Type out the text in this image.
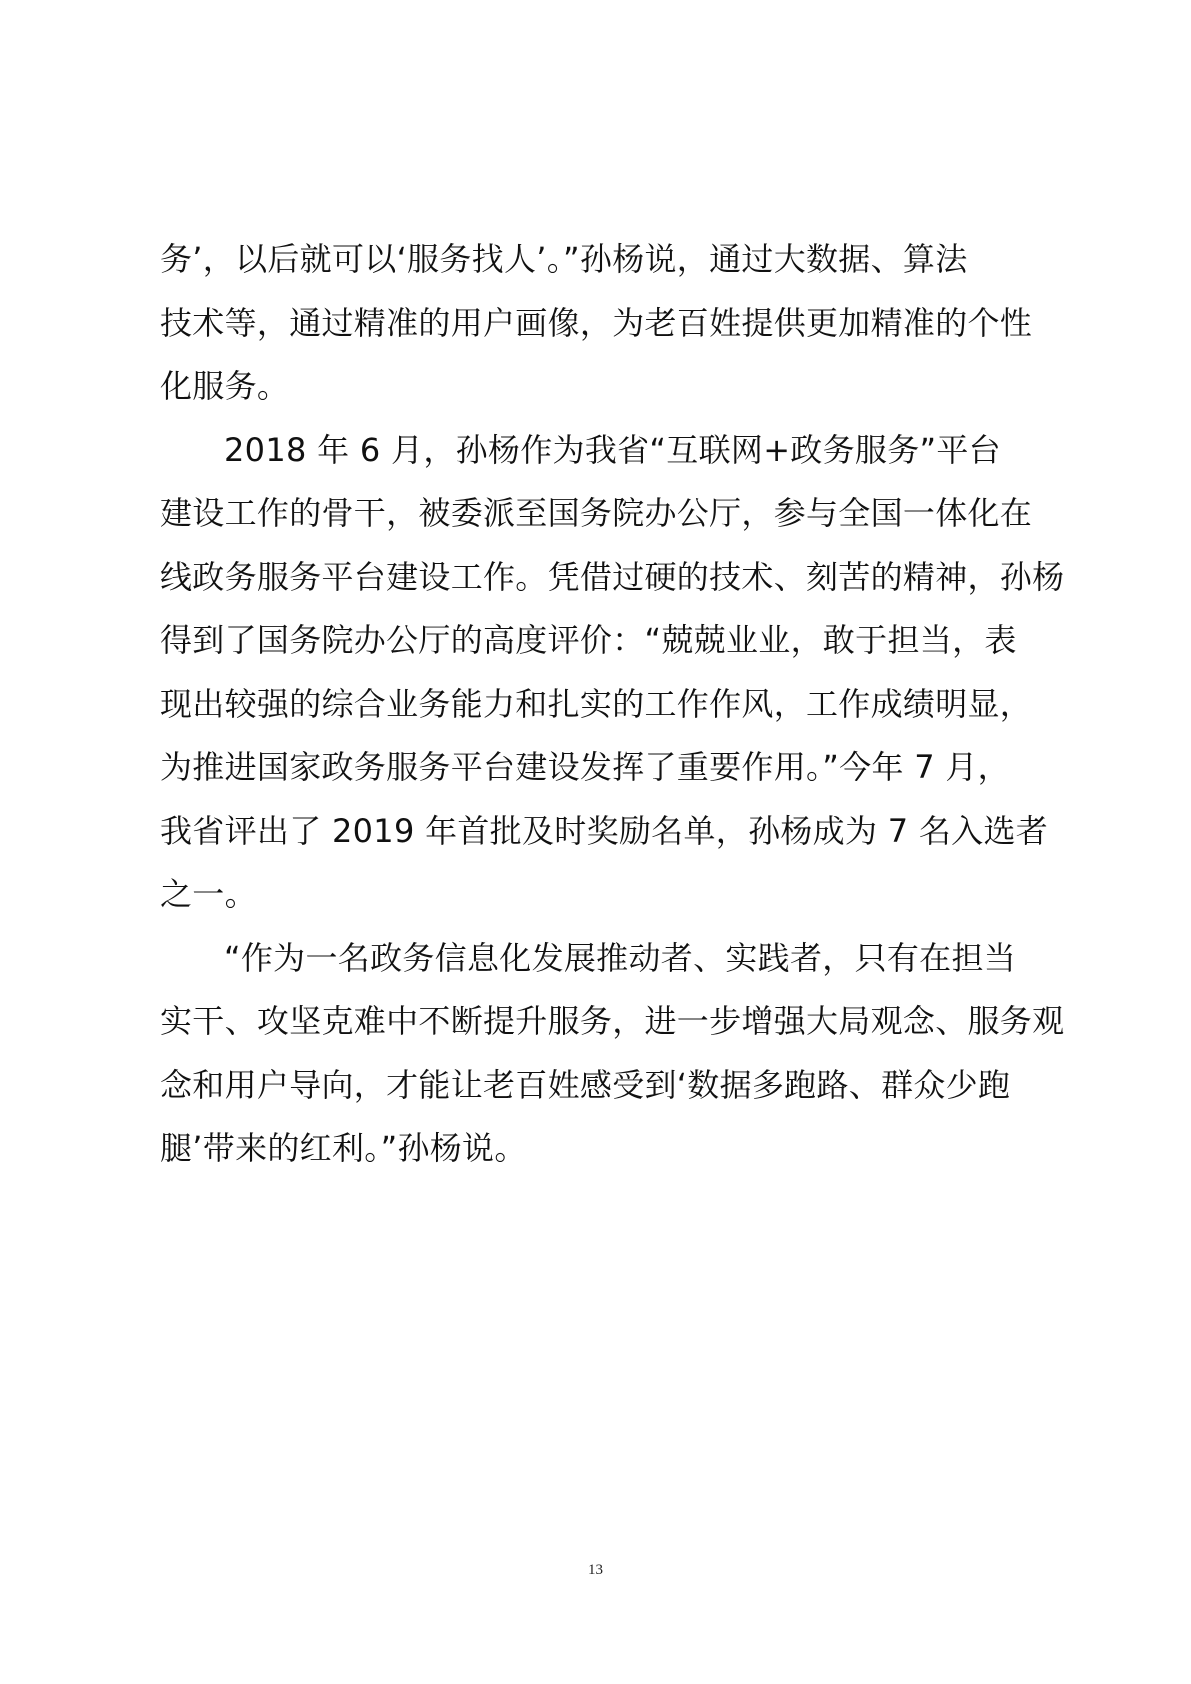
务’，以后就可以‘服务找人’。”孙杨说，通过大数据、算法
技术等，通过精准的用户画像，为老百姓提供更加精准的个性
化服务。
2018 年 6 月，孙杨作为我省“互联网+政务服务”平台
建设工作的骨干，被委派至国务院办公厅，参与全国一体化在
线政务服务平台建设工作。凭借过硬的技术、刻苦的精神，孙杨
得到了国务院办公厅的高度评价：“兢兢业业，敢于担当，表
现出较强的综合业务能力和扎实的工作作风，工作成绩明显，
为推进国家政务服务平台建设发挥了重要作用。”今年 7 月，
我省评出了 2019 年首批及时奖励名单，孙杨成为 7 名入选者
之一。
“作为一名政务信息化发展推动者、实践者，只有在担当
实干、攻坚克难中不断提升服务，进一步增强大局观念、服务观
念和用户导向，才能让老百姓感受到‘数据多跑路、群众少跑
腿’带来的红利。”孙杨说。
13
